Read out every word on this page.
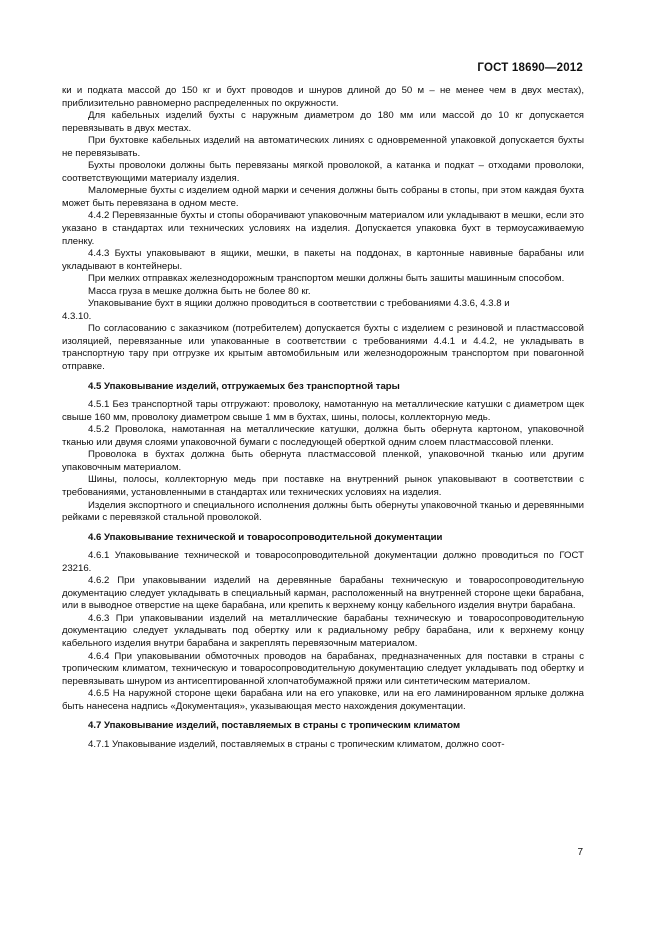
ГОСТ 18690—2012

ки и подката массой до 150 кг и бухт проводов и шнуров длиной до 50 м – не менее чем в двух местах), приблизительно равномерно распределенных по окружности.

Для кабельных изделий бухты с наружным диаметром до 180 мм или массой до 10 кг допускается перевязывать в двух местах.

При бухтовке кабельных изделий на автоматических линиях с одновременной упаковкой допускается бухты не перевязывать.

Бухты проволоки должны быть перевязаны мягкой проволокой, а катанка и подкат – отходами проволоки, соответствующими материалу изделия.

Маломерные бухты с изделием одной марки и сечения должны быть собраны в стопы, при этом каждая бухта может быть перевязана в одном месте.

4.4.2 Перевязанные бухты и стопы оборачивают упаковочным материалом или укладывают в мешки, если это указано в стандартах или технических условиях на изделия. Допускается упаковка бухт в термоусаживаемую пленку.

4.4.3 Бухты упаковывают в ящики, мешки, в пакеты на поддонах, в картонные навивные барабаны или укладывают в контейнеры.

При мелких отправках железнодорожным транспортом мешки должны быть зашиты машинным способом.

Масса груза в мешке должна быть не более 80 кг.

Упаковывание бухт в ящики должно проводиться в соответствии с требованиями 4.3.6, 4.3.8 и

4.3.10.

По согласованию с заказчиком (потребителем) допускается бухты с изделием с резиновой и пластмассовой изоляцией, перевязанные или упакованные в соответствии с требованиями 4.4.1 и 4.4.2, не укладывать в транспортную тару при отгрузке их крытым автомобильным или железнодорожным транспортом при повагонной отправке.

4.5 Упаковывание изделий, отгружаемых без транспортной тары

4.5.1 Без транспортной тары отгружают: проволоку, намотанную на металлические катушки с диаметром щек свыше 160 мм, проволоку диаметром свыше 1 мм в бухтах, шины, полосы, коллекторную медь.

4.5.2 Проволока, намотанная на металлические катушки, должна быть обернута картоном, упаковочной тканью или двумя слоями упаковочной бумаги с последующей оберткой одним слоем пластмассовой пленки.

Проволока в бухтах должна быть обернута пластмассовой пленкой, упаковочной тканью или другим упаковочным материалом.

Шины, полосы, коллекторную медь при поставке на внутренний рынок упаковывают в соответствии с требованиями, установленными в стандартах или технических условиях на изделия.

Изделия экспортного и специального исполнения должны быть обернуты упаковочной тканью и деревянными рейками с перевязкой стальной проволокой.

4.6 Упаковывание технической и товаросопроводительной документации

4.6.1 Упаковывание технической и товаросопроводительной документации должно проводиться по ГОСТ 23216.

4.6.2 При упаковывании изделий на деревянные барабаны техническую и товаросопроводительную документацию следует укладывать в специальный карман, расположенный на внутренней стороне щеки барабана, или в выводное отверстие на щеке барабана, или крепить к верхнему концу кабельного изделия внутри барабана.

4.6.3 При упаковывании изделий на металлические барабаны техническую и товаросопроводительную документацию следует укладывать под обертку или к радиальному ребру барабана, или к верхнему концу кабельного изделия внутри барабана и закреплять перевязочным материалом.

4.6.4 При упаковывании обмоточных проводов на барабанах, предназначенных для поставки в страны с тропическим климатом, техническую и товаросопроводительную документацию следует укладывать под обертку и перевязывать шнуром из антисептированной хлопчатобумажной пряжи или синтетическим материалом.

4.6.5 На наружной стороне щеки барабана или на его упаковке, или на его ламинированном ярлыке должна быть нанесена надпись «Документация», указывающая место нахождения документации.

4.7 Упаковывание изделий, поставляемых в страны с тропическим климатом

4.7.1 Упаковывание изделий, поставляемых в страны с тропическим климатом, должно соот-

7
